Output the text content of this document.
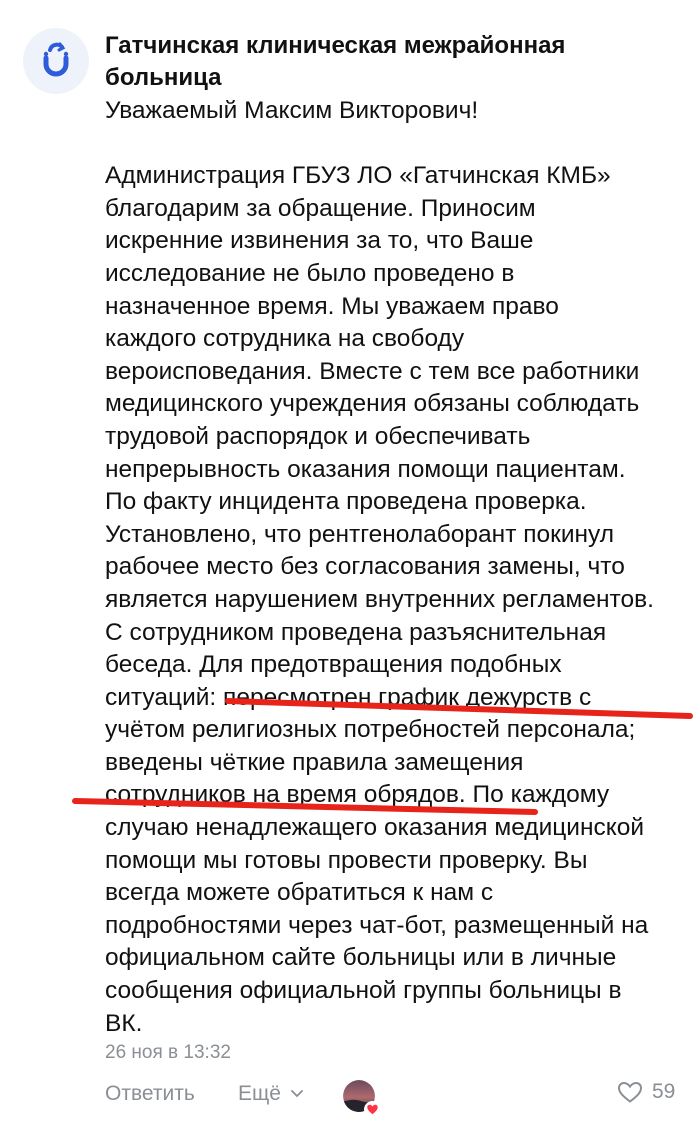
Гатчинская клиническая межрайонная больница
Уважаемый Максим Викторович!
Администрация ГБУЗ ЛО «Гатчинская КМБ»
благодарим за обращение. Приносим
искренние извинения за то, что Ваше
исследование не было проведено в
назначенное время. Мы уважаем право
каждого сотрудника на свободу
вероисповедания. Вместе с тем все работники
медицинского учреждения обязаны соблюдать
трудовой распорядок и обеспечивать
непрерывность оказания помощи пациентам.
По факту инцидента проведена проверка.
Установлено, что рентгенолаборант покинул
рабочее место без согласования замены, что
является нарушением внутренних регламентов.
С сотрудником проведена разъяснительная
беседа. Для предотвращения подобных
ситуаций: пересмотрен график дежурств с
учётом религиозных потребностей персонала;
введены чёткие правила замещения
сотрудников на время обрядов. По каждому
случаю ненадлежащего оказания медицинской
помощи мы готовы провести проверку. Вы
всегда можете обратиться к нам с
подробностями через чат-бот, размещенный на
официальном сайте больницы или в личные
сообщения официальной группы больницы в
ВК.
26 ноя в 13:32
Ответить Ещё	59
